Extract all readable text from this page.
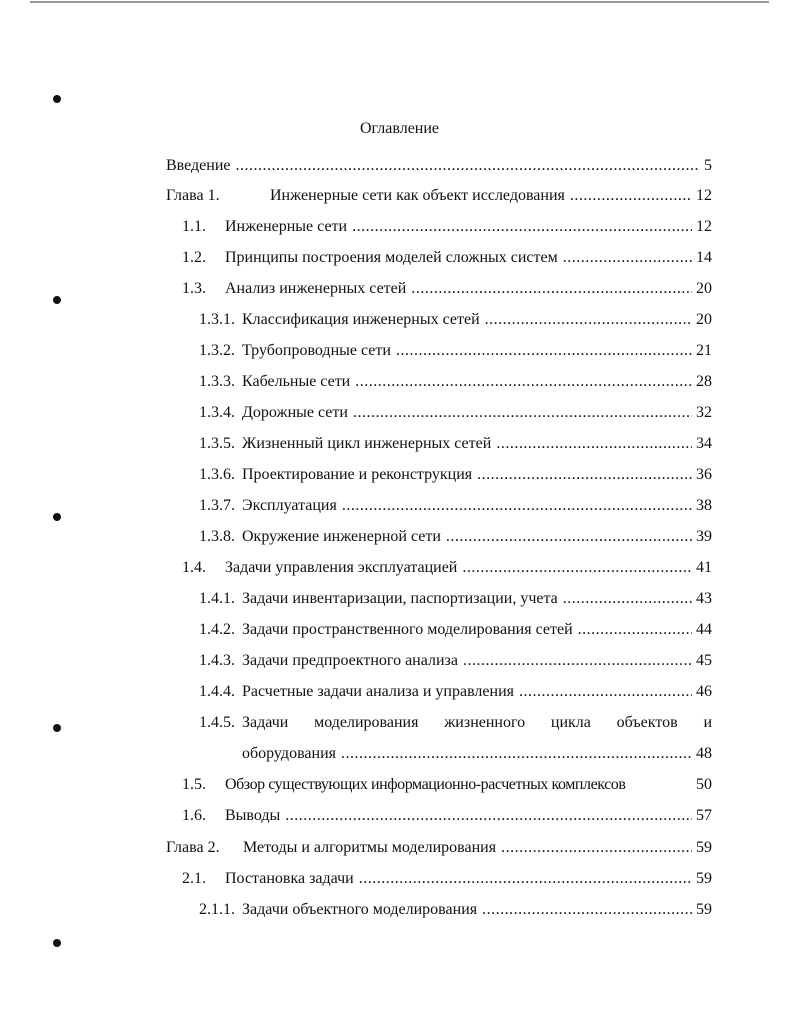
Оглавление
Введение .....	5
Глава 1.	Инженерные сети как объект исследования .....	12
1.1.	Инженерные сети .....	12
1.2.	Принципы построения моделей сложных систем .....	14
1.3.	Анализ инженерных сетей .....	20
1.3.1. Классификация инженерных сетей .....	20
1.3.2. Трубопроводные сети .....	21
1.3.3. Кабельные сети .....	28
1.3.4. Дорожные сети .....	32
1.3.5. Жизненный цикл инженерных сетей .....	34
1.3.6. Проектирование и реконструкция .....	36
1.3.7. Эксплуатация .....	38
1.3.8. Окружение инженерной сети .....	39
1.4.	Задачи управления эксплуатацией .....	41
1.4.1. Задачи инвентаризации, паспортизации, учета .....	43
1.4.2. Задачи пространственного моделирования сетей .....	44
1.4.3. Задачи предпроектного анализа .....	45
1.4.4. Расчетные задачи анализа и управления .....	46
1.4.5. Задачи моделирования жизненного цикла объектов и
оборудования .....	48
1.5.	Обзор существующих информационно-расчетных комплексов	50
1.6.	Выводы .....	57
Глава 2.	Методы и алгоритмы моделирования .....	59
2.1.	Постановка задачи .....	59
2.1.1. Задачи объектного моделирования .....	59
